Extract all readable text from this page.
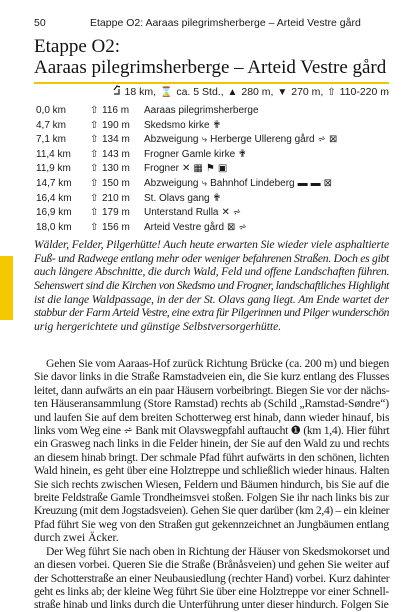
50	Etappe O2: Aaraas pilegrimsherberge – Arteid Vestre gård
Etappe O2:
Aaraas pilegrimsherberge – Arteid Vestre gård
18 km, ⌛ ca. 5 Std., ▲ 280 m, ▼ 270 m, ⇧ 110-220 m
0,0 km	⇧ 116 m	Aaraas pilegrimsherberge
4,7 km	⇧ 190 m	Skedsmo kirke ✟
7,1 km	⇧ 134 m	Abzweigung ⤷ Herberge Ullereng gård ⩫ ⊠
11,4 km	⇧ 143 m	Frogner Gamle kirke ✟
11,9 km	⇧ 130 m	Frogner ✕ ▦ ⚑ ▣
14,7 km	⇧ 150 m	Abzweigung ⤷ Bahnhof Lindeberg ▬ ▬ ⊠
16,4 km	⇧ 210 m	St. Olavs gang ✟
16,9 km	⇧ 179 m	Unterstand Rulla ✕ ⩫
18,0 km	⇧ 156 m	Arteid Vestre gård ⊠ ⩫
Wälder, Felder, Pilgerhütte! Auch heute erwarten Sie wieder viele asphaltierte
Fuß- und Radwege entlang mehr oder weniger befahrenen Straßen. Doch es gibt
auch längere Abschnitte, die durch Wald, Feld und offene Landschaften führen.
Sehenswert sind die Kirchen von Skedsmo und Frogner, landschaftliches Highlight
ist die lange Waldpassage, in der der St. Olavs gang liegt. Am Ende wartet der
stabbur der Farm Arteid Vestre, eine extra für Pilgerinnen und Pilger wunderschön
urig hergerichtete und günstige Selbstversorgerhütte.

Gehen Sie vom Aaraas-Hof zurück Richtung Brücke (ca. 200 m) und biegen
Sie davor links in die Straße Ramstadveien ein, die Sie kurz entlang des Flusses
leitet, dann aufwärts an ein paar Häusern vorbeibringt. Biegen Sie vor der nächs-
ten Häuseransammlung (Store Ramstad) rechts ab (Schild „Ramstad-Søndre“)
und laufen Sie auf dem breiten Schotterweg erst hinab, dann wieder hinauf, bis
links vom Weg eine ⩫ Bank mit Olavswegpfahl auftaucht ❶ (km 1,4). Hier führt
ein Grasweg nach links in die Felder hinein, der Sie auf den Wald zu und rechts
an diesem hinab bringt. Der schmale Pfad führt aufwärts in den schönen, lichten
Wald hinein, es geht über eine Holztreppe und schließlich wieder hinaus. Halten
Sie sich rechts zwischen Wiesen, Feldern und Bäumen hindurch, bis Sie auf die
breite Feldstraße Gamle Trondheimsvei stoßen. Folgen Sie ihr nach links bis zur
Kreuzung (mit dem Jogstadsveien). Gehen Sie quer darüber (km 2,4) – ein kleiner
Pfad führt Sie weg von den Straßen gut gekennzeichnet an Jungbäumen entlang
durch zwei Äcker.

Der Weg führt Sie nach oben in Richtung der Häuser von Skedsmokorset und
an diesen vorbei. Queren Sie die Straße (Brånåsveien) und gehen Sie weiter auf
der Schotterstraße an einer Neubausiedlung (rechter Hand) vorbei. Kurz dahinter
geht es links ab; der kleine Weg führt Sie über eine Holztreppe vor einer Schnell-
straße hinab und links durch die Unterführung unter dieser hindurch. Folgen Sie
